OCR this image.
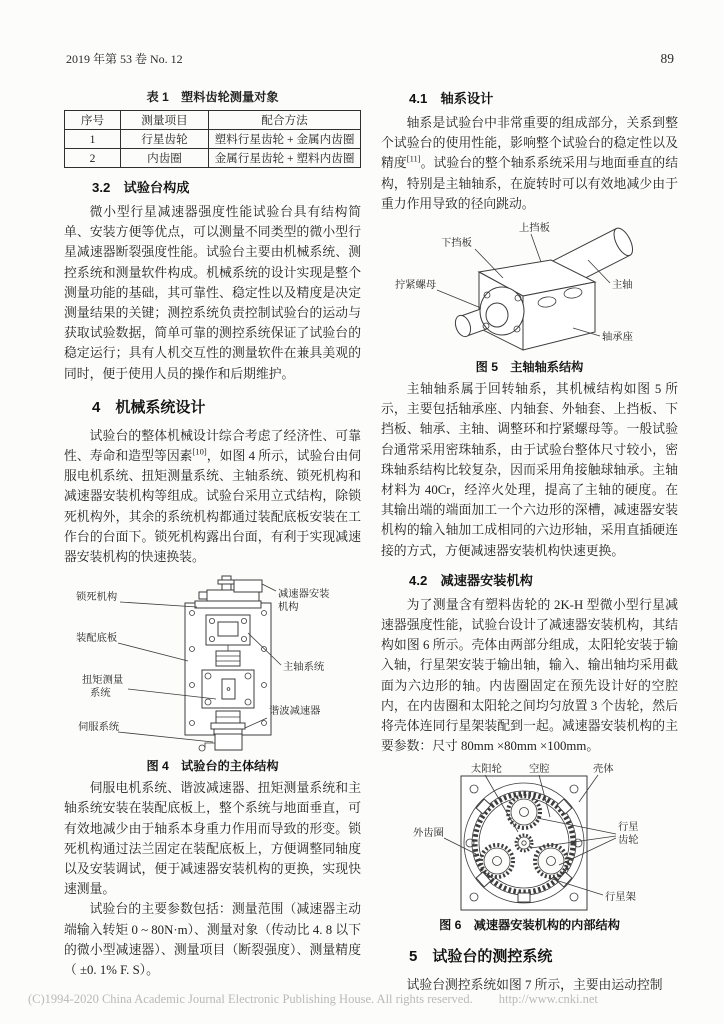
2019 年第 53 卷 No. 12	89
表 1　塑料齿轮测量对象
序号	测量项目	配合方法
1	行星齿轮	塑料行星齿轮 + 金属内齿圈
2	内齿圈	金属行星齿轮 + 塑料内齿圈
3.2　试验台构成

微小型行星减速器强度性能试验台具有结构简单、安装方便等优点，可以测量不同类型的微小型行星减速器断裂强度性能。试验台主要由机械系统、测控系统和测量软件构成。机械系统的设计实现是整个测量功能的基础，其可靠性、稳定性以及精度是决定测量结果的关键；测控系统负责控制试验台的运动与获取试验数据，简单可靠的测控系统保证了试验台的稳定运行；具有人机交互性的测量软件在兼具美观的同时，便于使用人员的操作和后期维护。

4　机械系统设计

试验台的整体机械设计综合考虑了经济性、可靠性、寿命和造型等因素[10]，如图 4 所示，试验台由伺服电机系统、扭矩测量系统、主轴系统、锁死机构和减速器安装机构等组成。试验台采用立式结构，除锁死机构外，其余的系统机构都通过装配底板安装在工作台的台面下。锁死机构露出台面，有利于实现减速器安装机构的快速换装。

锁死机构	减速器安装
机构
装配底板
主轴系统
扭矩测量
系统
谐波减速器
伺服系统
图 4　试验台的主体结构

伺服电机系统、谐波减速器、扭矩测量系统和主轴系统安装在装配底板上，整个系统与地面垂直，可有效地减少由于轴系本身重力作用而导致的形变。锁死机构通过法兰固定在装配底板上，方便调整同轴度以及安装调试，便于减速器安装机构的更换，实现快速测量。

试验台的主要参数包括：测量范围（减速器主动端输入转矩 0 ~ 80N·m）、测量对象（传动比 4. 8 以下的微小型减速器）、测量项目（断裂强度）、测量精度（ ±0. 1% F. S）。

4.1　轴系设计

轴系是试验台中非常重要的组成部分，关系到整个试验台的使用性能，影响整个试验台的稳定性以及精度[11]。试验台的整个轴系系统采用与地面垂直的结构，特别是主轴轴系，在旋转时可以有效地减少由于重力作用导致的径向跳动。

上挡板
下挡板
拧紧螺母	主轴
轴承座
图 5　主轴轴系结构

主轴轴系属于回转轴系，其机械结构如图 5 所示，主要包括轴承座、内轴套、外轴套、上挡板、下挡板、轴承、主轴、调整环和拧紧螺母等。一般试验台通常采用密珠轴系，由于试验台整体尺寸较小，密珠轴系结构比较复杂，因而采用角接触球轴承。主轴材料为 40Cr，经淬火处理，提高了主轴的硬度。在其输出端的端面加工一个六边形的深槽，减速器安装机构的输入轴加工成相同的六边形轴，采用直插硬连接的方式，方便减速器安装机构快速更换。

4.2　减速器安装机构

为了测量含有塑料齿轮的 2K-H 型微小型行星减速器强度性能，试验台设计了减速器安装机构，其结构如图 6 所示。壳体由两部分组成，太阳轮安装于输入轴，行星架安装于输出轴，输入、输出轴均采用截面为六边形的轴。内齿圈固定在预先设计好的空腔内，在内齿圈和太阳轮之间均匀放置 3 个齿轮，然后将壳体连同行星架装配到一起。减速器安装机构的主要参数：尺寸 80mm ×80mm ×100mm。

太阳轮	空腔	壳体
外齿圈
行星
齿轮
行星架
图 6　减速器安装机构的内部结构
5　试验台的测控系统

试验台测控系统如图 7 所示，主要由运动控制

(C)1994-2020 China Academic Journal Electronic Publishing House. All rights reserved. http://www.cnki.net
